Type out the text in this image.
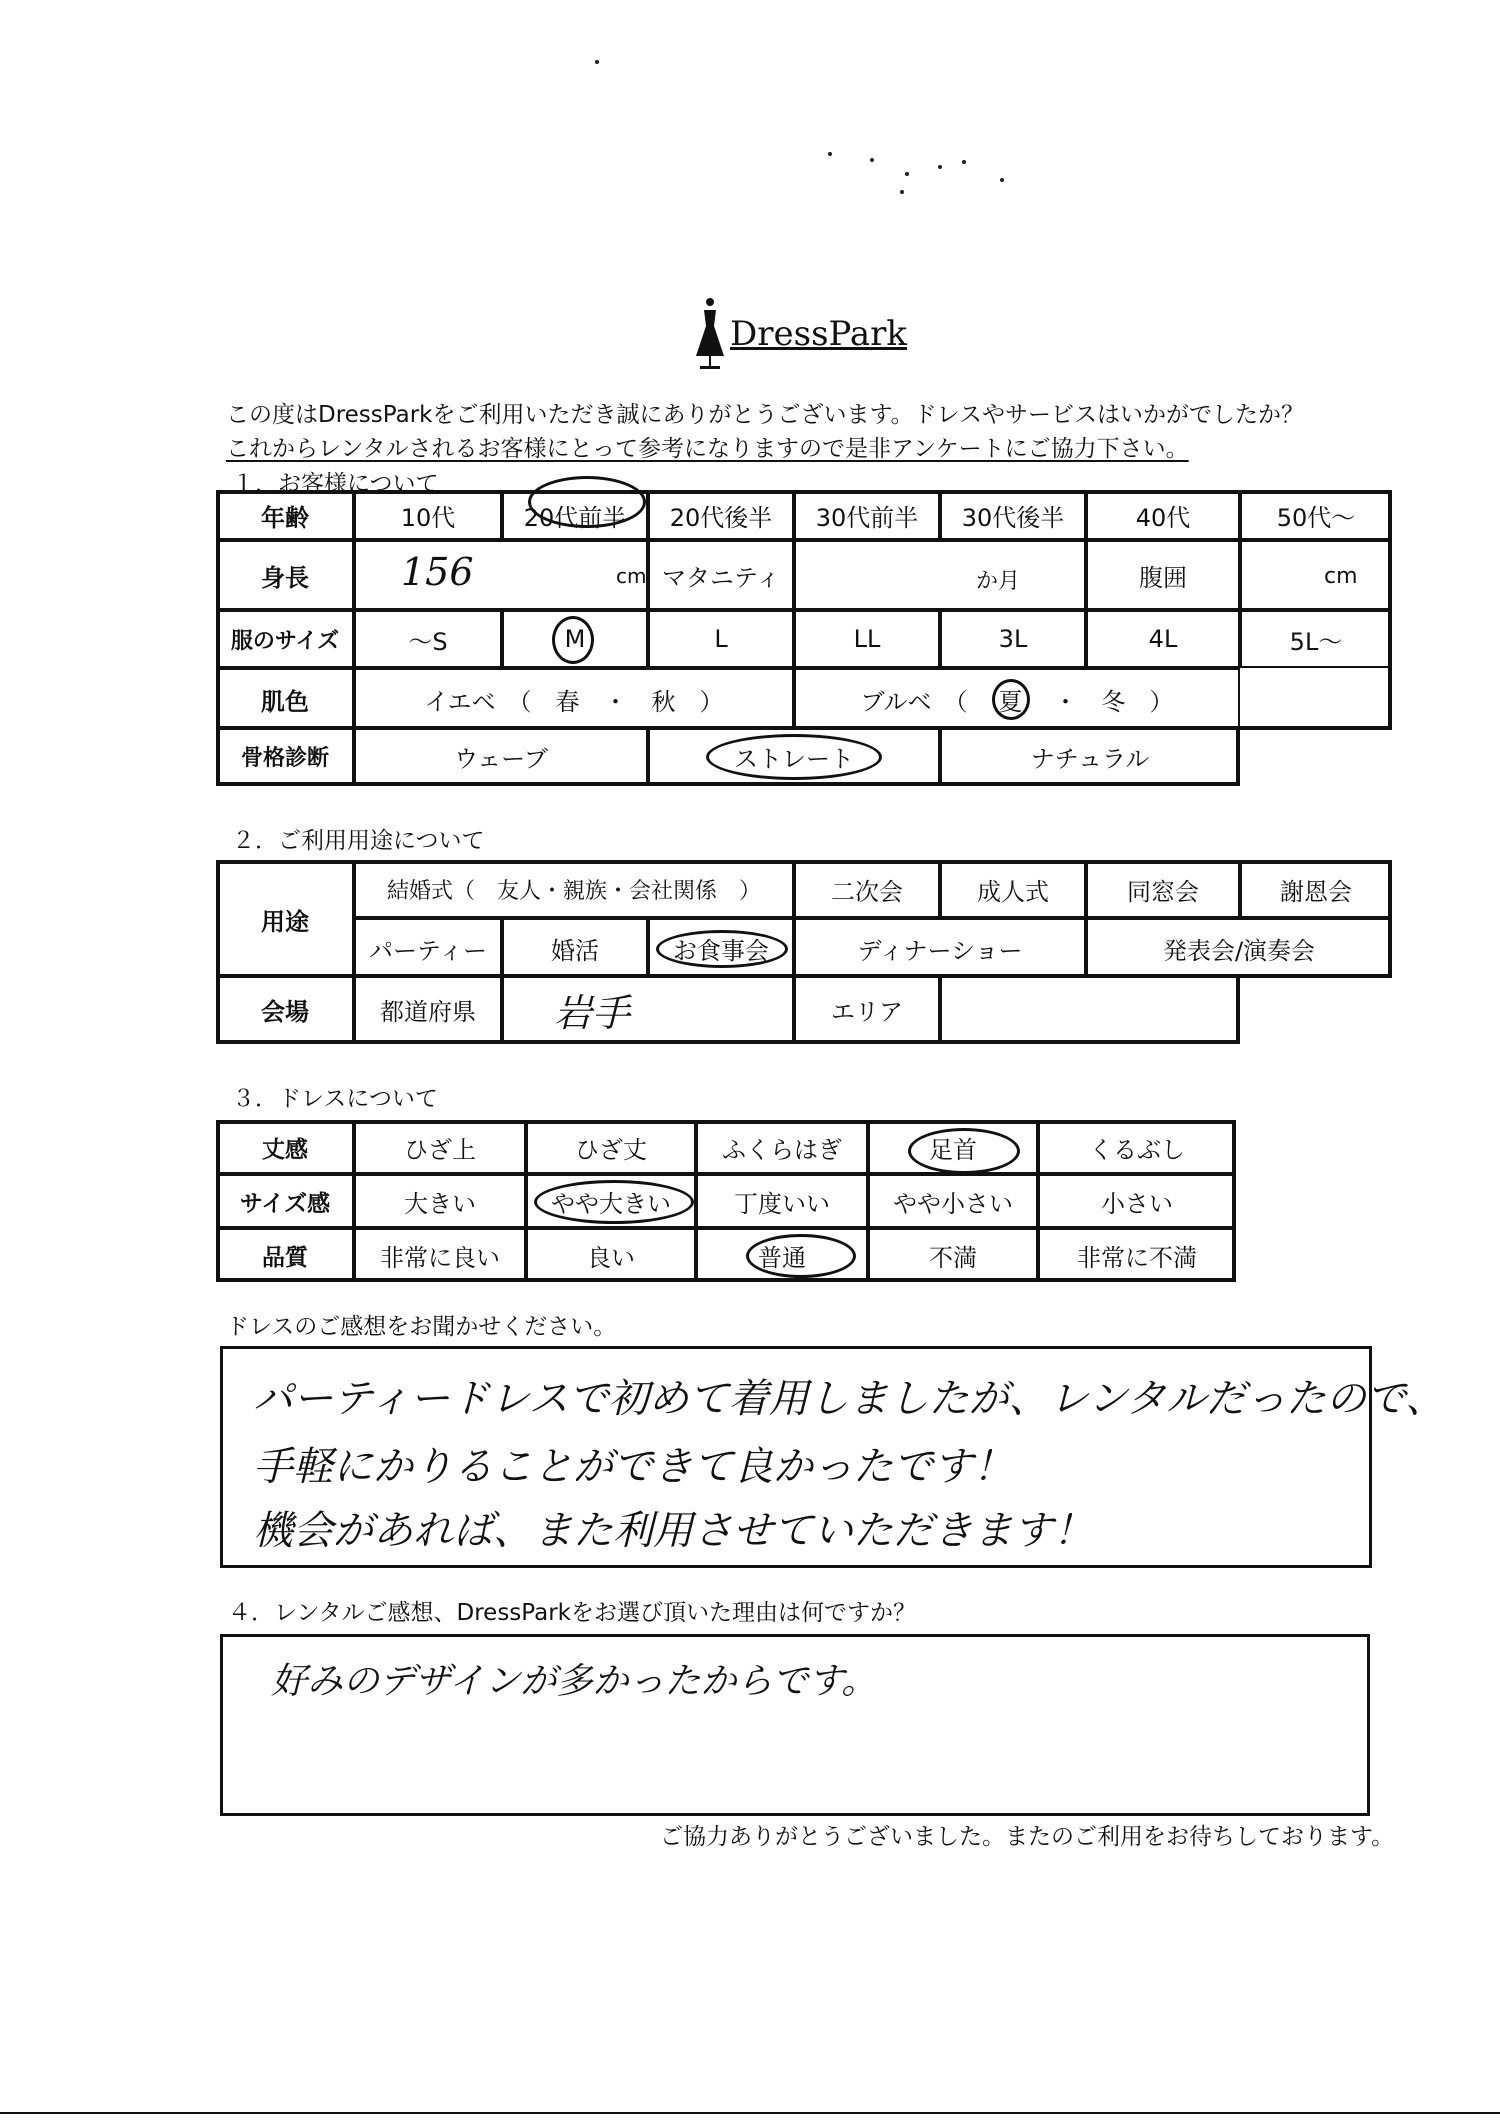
DressPark
この度はDressParkをご利用いただき誠にありがとうございます。ドレスやサービスはいかがでしたか？
これからレンタルされるお客様にとって参考になりますので是非アンケートにご協力下さい。
１．お客様について
年齢	10代	20代前半	20代後半	30代前半	30代後半	40代	50代～
身長	156	cm マタニティ	か月	腹囲	cm
服のサイズ	～S	M	L	LL	3L	4L	5L～
肌色	イエベ　（　春　・　秋　）	ブルベ　（　 夏 　・　冬　）
骨格診断	ウェーブ	ストレート	ナチュラル
２．ご利用用途について
用途
結婚式（　友人・親族・会社関係　）	二次会	成人式	同窓会	謝恩会
パーティー	婚活	お食事会	ディナーショー	発表会/演奏会
会場	都道府県	岩手	エリア
３．ドレスについて
丈感	ひざ上	ひざ丈	ふくらはぎ	足首	くるぶし
サイズ感	大きい	やや大きい	丁度いい	やや小さい	小さい
品質	非常に良い	良い	普通	不満	非常に不満
ドレスのご感想をお聞かせください。
パーティードレスで初めて着用しましたが、レンタルだったので、
手軽にかりることができて良かったです！
機会があれば、また利用させていただきます！
４．レンタルご感想、DressParkをお選び頂いた理由は何ですか？
好みのデザインが多かったからです。
ご協力ありがとうございました。またのご利用をお待ちしております。
